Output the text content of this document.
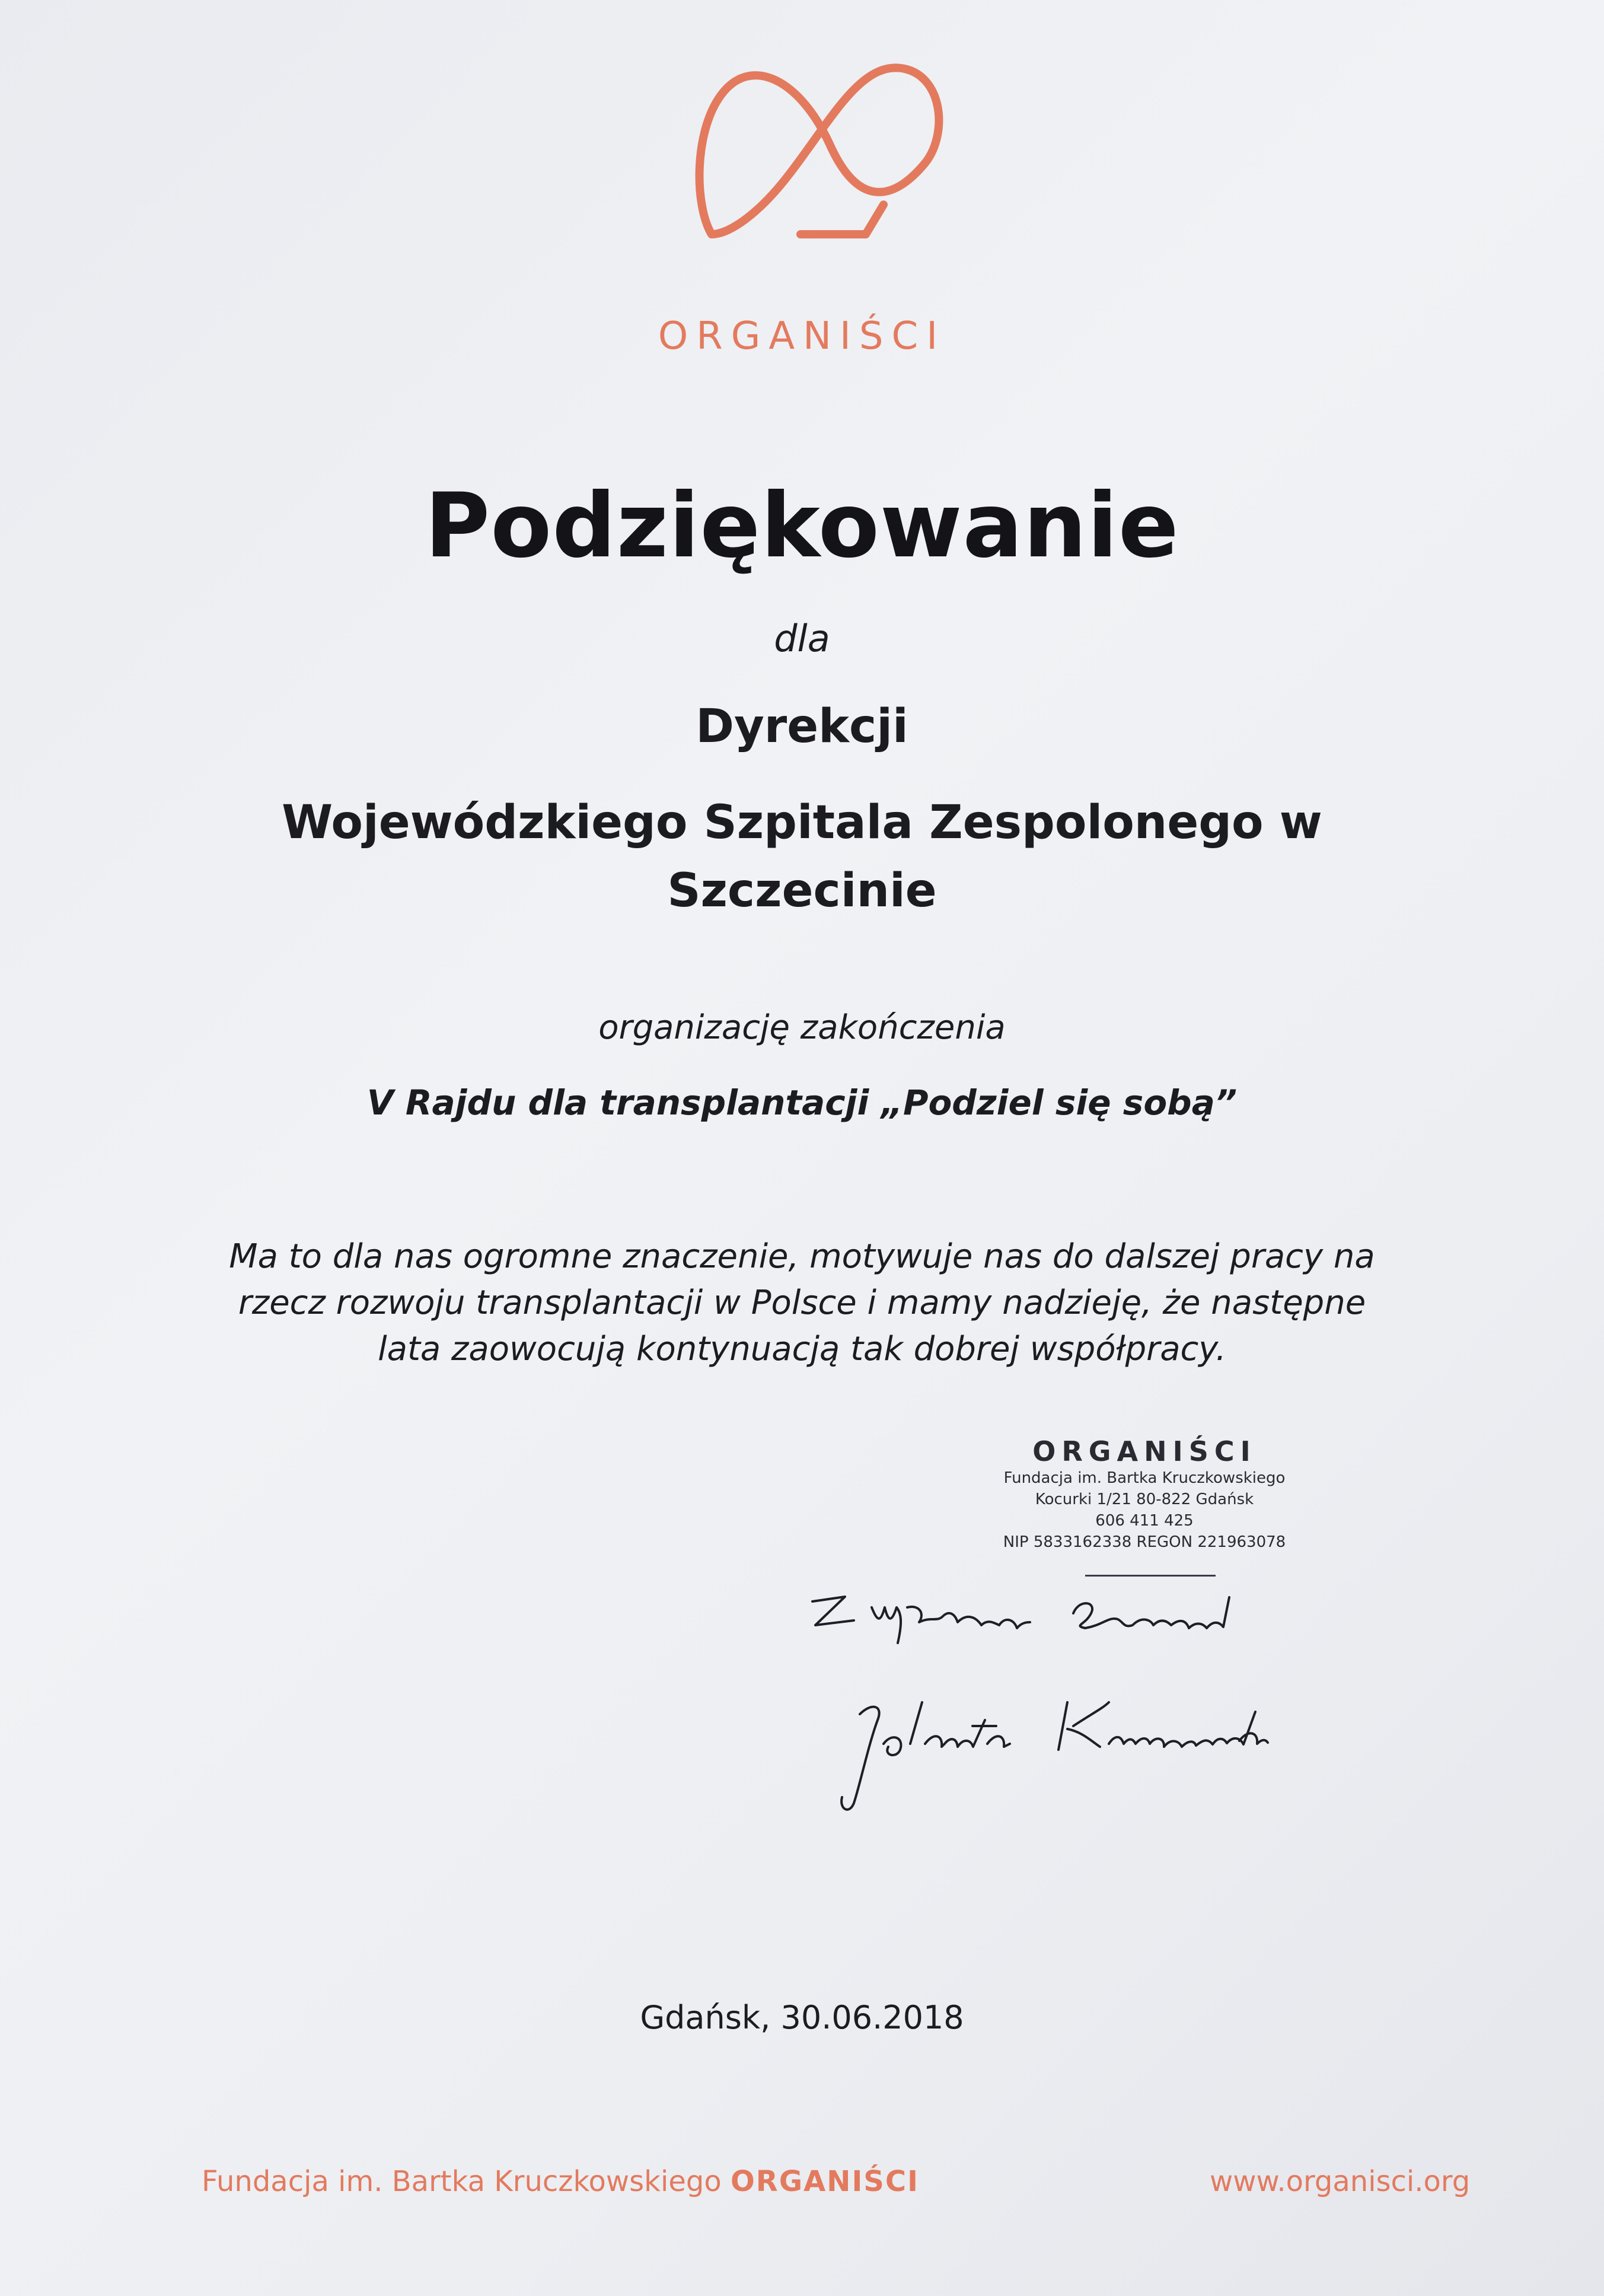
ORGANIŚCI
Podziękowanie
dla
Dyrekcji
Wojewódzkiego Szpitala Zespolonego w
Szczecinie
organizację zakończenia
V Rajdu dla transplantacji „Podziel się sobą”
Ma to dla nas ogromne znaczenie, motywuje nas do dalszej pracy na
rzecz rozwoju transplantacji w Polsce i mamy nadzieję, że następne
lata zaowocują kontynuacją tak dobrej współpracy.
ORGANIŚCI
Fundacja im. Bartka Kruczkowskiego
Kocurki 1/21 80-822 Gdańsk
606 411 425
NIP 5833162338 REGON 221963078
Gdańsk, 30.06.2018
Fundacja im. Bartka Kruczkowskiego ORGANIŚCI	www.organisci.org
